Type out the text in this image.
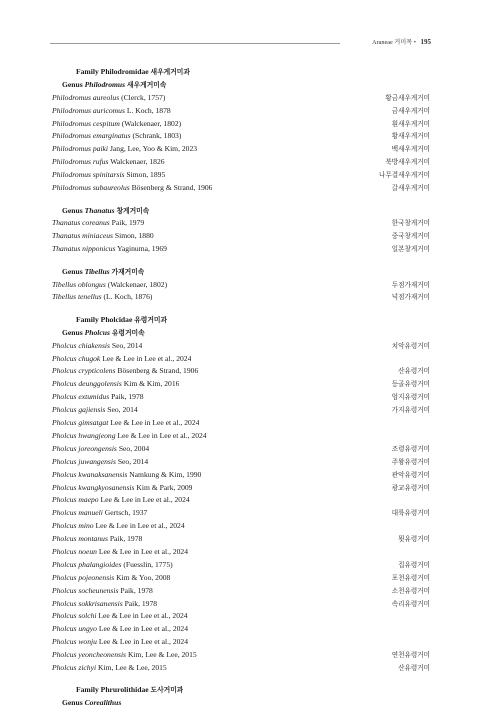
Araneae 거미목 • 195
Family Philodromidae 새우게거미과
Genus Philodromus 새우게거미속
Philodromus aureolus (Clerck, 1757)	황금새우게거미
Philodromus auricomus L. Koch, 1878	금새우게거미
Philodromus cespitum (Walckenaer, 1802)	흰새우게거미
Philodromus emarginatus (Schrank, 1803)	황새우게거미
Philodromus paiki Jang, Lee, Yoo & Kim, 2023	백새우게거미
Philodromus rufus Walckenaer, 1826	북방새우게거미
Philodromus spinitarsis Simon, 1895	나무결새우게거미
Philodromus subaureolus Bösenberg & Strand, 1906	갈새우게거미
Genus Thanatus 창게거미속
Thanatus coreanus Paik, 1979	한국창게거미
Thanatus miniaceus Simon, 1880	중국창게거미
Thanatus nipponicus Yaginuma, 1969	일본창게거미
Genus Tibellus 가재거미속
Tibellus oblongus (Walckenaer, 1802)	두점가재거미
Tibellus tenellus (L. Koch, 1876)	넉점가재거미
Family Pholcidae 유령거미과
Genus Pholcus 유령거미속
Pholcus chiakensis Seo, 2014	치악유령거미
Pholcus chugok Lee & Lee in Lee et al., 2024
Pholcus crypticolens Bösenberg & Strand, 1906	산유령거미
Pholcus deunggolensis Kim & Kim, 2016	등골유령거미
Pholcus extumidus Paik, 1978	엄지유령거미
Pholcus gajiensis Seo, 2014	가지유령거미
Pholcus gimsatgat Lee & Lee in Lee et al., 2024
Pholcus hwangjeong Lee & Lee in Lee et al., 2024
Pholcus joreongensis Seo, 2004	조령유령거미
Pholcus juwangensis Seo, 2014	주왕유령거미
Pholcus kwanaksanensis Namkung & Kim, 1990	관악유령거미
Pholcus kwangkyosanensis Kim & Park, 2009	광교유령거미
Pholcus maepo Lee & Lee in Lee et al., 2024
Pholcus manueli Gertsch, 1937	대륙유령거미
Pholcus mino Lee & Lee in Lee et al., 2024
Pholcus montanus Paik, 1978	묏유령거미
Pholcus noeun Lee & Lee in Lee et al., 2024
Pholcus phalangioides (Fuesslin, 1775)	집유령거미
Pholcus pojeonensis Kim & Yoo, 2008	포천유령거미
Pholcus socheunensis Paik, 1978	소천유령거미
Pholcus sokkrisanensis Paik, 1978	속리유령거미
Pholcus solchi Lee & Lee in Lee et al., 2024
Pholcus ungyo Lee & Lee in Lee et al., 2024
Pholcus wonju Lee & Lee in Lee et al., 2024
Pholcus yeoncheonensis Kim, Lee & Lee, 2015	연천유령거미
Pholcus zichyi Kim, Lee & Lee, 2015	산유령거미
Family Phrurolithidae 도사거미과
Genus Corealithus
